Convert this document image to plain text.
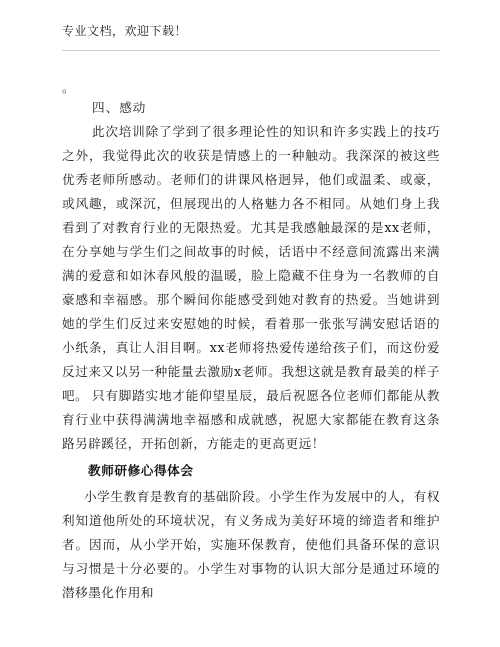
专业文档，欢迎下载！
。
四、感动
此次培训除了学到了很多理论性的知识和许多实践上的技巧之外，我觉得此次的收获是情感上的一种触动。我深深的被这些优秀老师所感动。老师们的讲课风格迥异，他们或温柔、或豪，或风趣，或深沉，但展现出的人格魅力各不相同。从她们身上我看到了对教育行业的无限热爱。尤其是我感触最深的是xx老师，在分享她与学生们之间故事的时候，话语中不经意间流露出来满满的爱意和如沐春风般的温暖，脸上隐藏不住身为一名教师的自豪感和幸福感。那个瞬间你能感受到她对教育的热爱。当她讲到她的学生们反过来安慰她的时候，看着那一张张写满安慰话语的小纸条，真让人泪目啊。xx老师将热爱传递给孩子们，而这份爱反过来又以另一种能量去激励x老师。我想这就是教育最美的样子吧。 只有脚踏实地才能仰望星辰，最后祝愿各位老师们都能从教育行业中获得满满地幸福感和成就感，祝愿大家都能在教育这条路另辟蹊径，开拓创新，方能走的更高更远！
教师研修心得体会
小学生教育是教育的基础阶段。小学生作为发展中的人，有权利知道他所处的环境状况，有义务成为美好环境的缔造者和维护者。因而，从小学开始，实施环保教育，使他们具备环保的意识与习惯是十分必要的。小学生对事物的认识大部分是通过环境的潜移墨化作用和
